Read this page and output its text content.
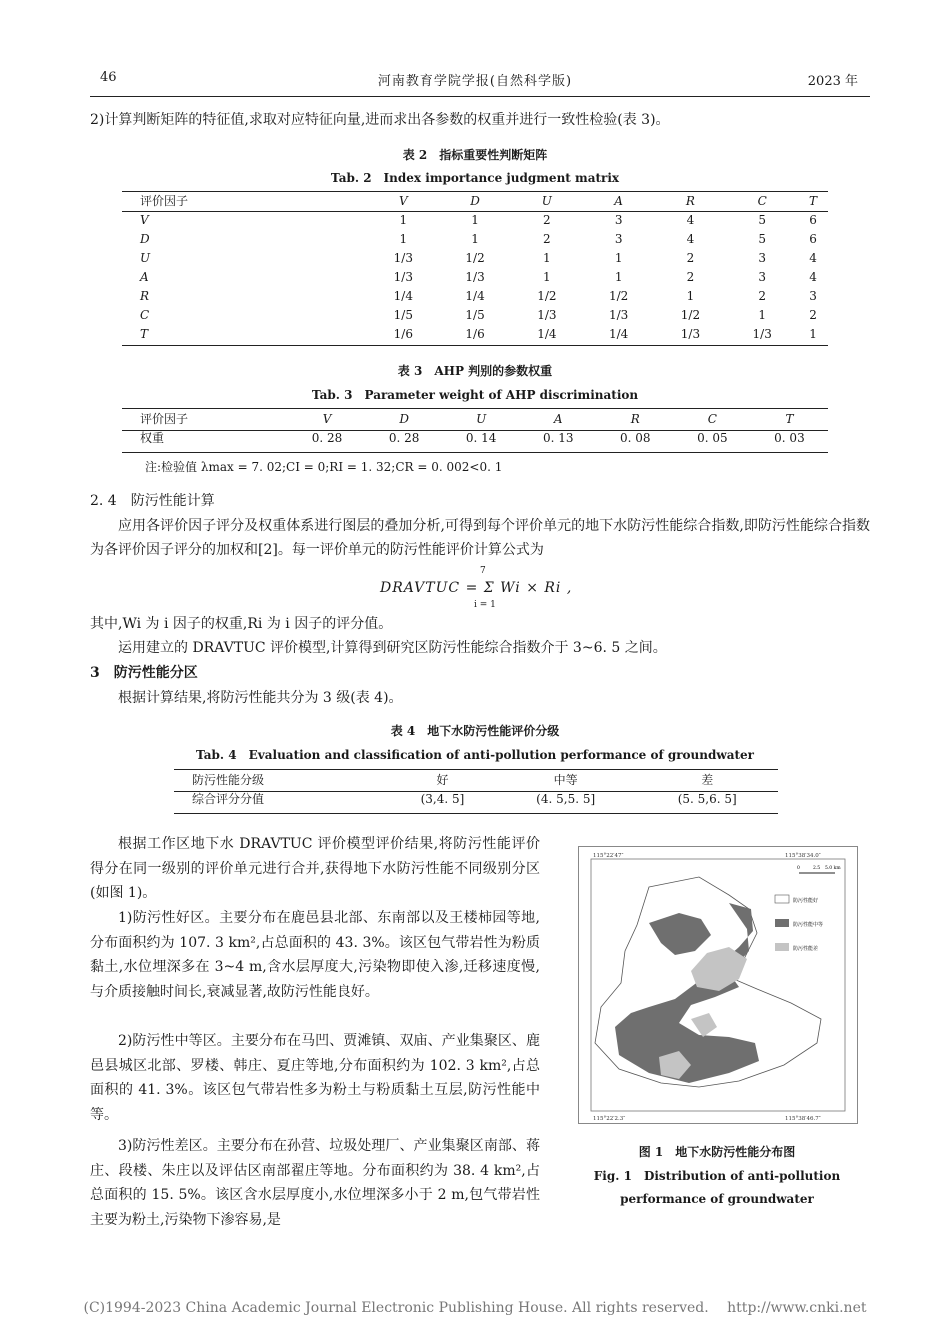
46	河南教育学院学报(自然科学版)	2023 年
2)计算判断矩阵的特征值,求取对应特征向量,进而求出各参数的权重并进行一致性检验(表 3)。
表 2　指标重要性判断矩阵
Tab. 2　Index importance judgment matrix
评价因子	V	D	U	A	R	C	T
V	1	1	2	3	4	5	6
D	1	1	2	3	4	5	6
U	1/3	1/2	1	1	2	3	4
A	1/3	1/3	1	1	2	3	4
R	1/4	1/4	1/2	1/2	1	2	3
C	1/5	1/5	1/3	1/3	1/2	1	2
T	1/6	1/6	1/4	1/4	1/3	1/3	1
表 3　AHP 判别的参数权重
Tab. 3　Parameter weight of AHP discrimination
评价因子	V	D	U	A	R	C	T
权重	0. 28	0. 28	0. 14	0. 13	0. 08	0. 05	0. 03
注:检验值 λmax = 7. 02;CI = 0;RI = 1. 32;CR = 0. 002<0. 1
2. 4　防污性能计算
应用各评价因子评分及权重体系进行图层的叠加分析,可得到每个评价单元的地下水防污性能综合指数,即防污性能综合指数为各评价因子评分的加权和[2]。每一评价单元的防污性能评价计算公式为
7
DRAVTUC = Σ Wi × Ri ,
i = 1
其中,Wi 为 i 因子的权重,Ri 为 i 因子的评分值。
运用建立的 DRAVTUC 评价模型,计算得到研究区防污性能综合指数介于 3~6. 5 之间。
3　防污性能分区
根据计算结果,将防污性能共分为 3 级(表 4)。
表 4　地下水防污性能评价分级
Tab. 4　Evaluation and classification of anti-pollution performance of groundwater
防污性能分级	好	中等	差
综合评分分值	(3,4. 5]	(4. 5,5. 5]	(5. 5,6. 5]
根据工作区地下水 DRAVTUC 评价模型评价结果,将防污性能评价得分在同一级别的评价单元进行合并,获得地下水防污性能不同级别分区(如图 1)。
1)防污性好区。主要分布在鹿邑县北部、东南部以及王楼柿园等地,分布面积约为 107. 3 km²,占总面积的 43. 3%。该区包气带岩性为粉质黏土,水位埋深多在 3~4 m,含水层厚度大,污染物即使入渗,迁移速度慢,与介质接触时间长,衰减显著,故防污性能良好。
2)防污性中等区。主要分布在马凹、贾滩镇、双庙、产业集聚区、鹿邑县城区北部、罗楼、韩庄、夏庄等地,分布面积约为 102. 3 km²,占总面积的 41. 3%。该区包气带岩性多为粉土与粉质黏土互层,防污性能中等。
3)防污性差区。主要分布在孙营、垃圾处理厂、产业集聚区南部、蒋庄、段楼、朱庄以及评估区南部翟庄等地。分布面积约为 38. 4 km²,占总面积的 15. 5%。该区含水层厚度小,水位埋深多小于 2 m,包气带岩性主要为粉土,污染物下渗容易,是
115°22′47″	115°38′34.0″
115°22′2.3″	115°38′46.7″
0	2.5 5.0 km
防污性能好
防污性能中等
防污性能差
图 1　地下水防污性能分布图
Fig. 1　Distribution of anti-pollution
performance of groundwater
(C)1994-2023 China Academic Journal Electronic Publishing House. All rights reserved.　 http://www.cnki.net
